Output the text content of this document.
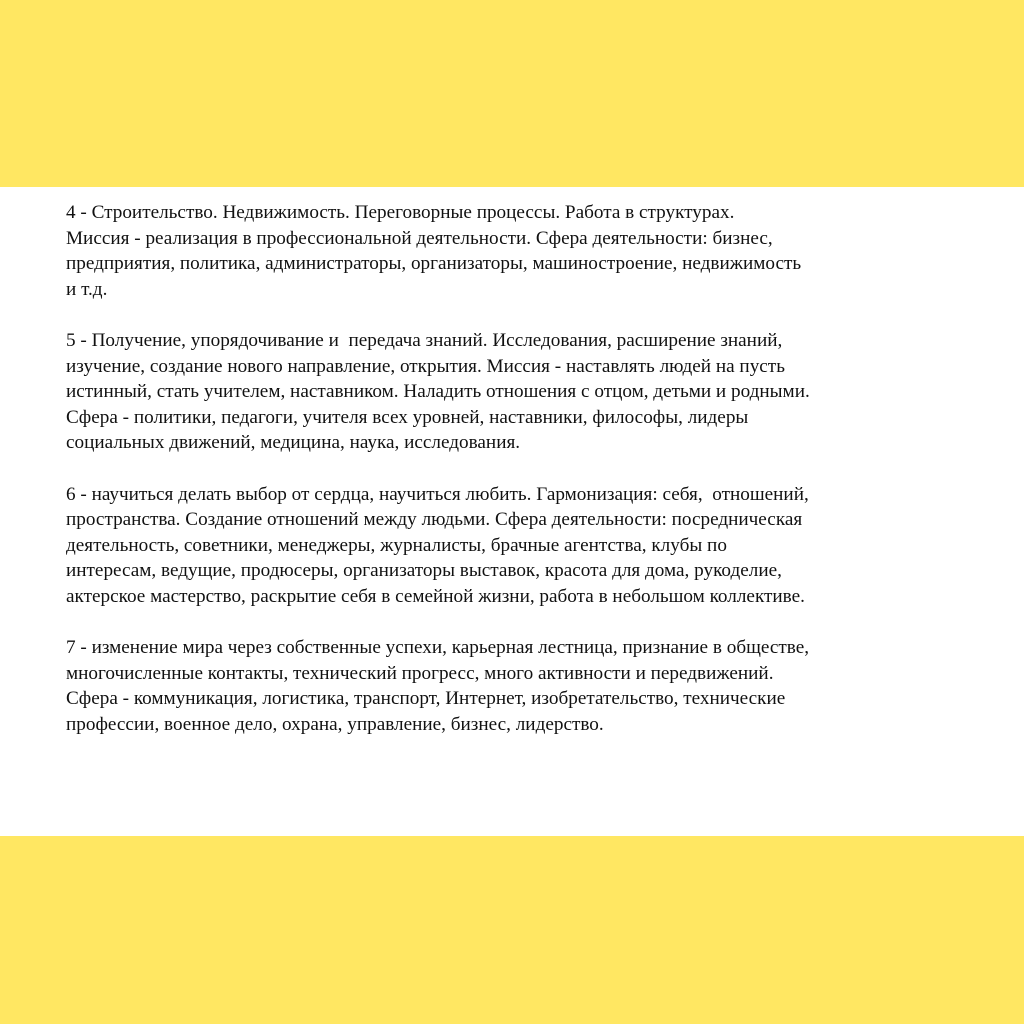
4 - Строительство. Недвижимость. Переговорные процессы. Работа в структурах.
Миссия - реализация в профессиональной деятельности. Сфера деятельности: бизнес,
предприятия, политика, администраторы, организаторы, машиностроение, недвижимость
и т.д.

5 - Получение, упорядочивание и  передача знаний. Исследования, расширение знаний,
изучение, создание нового направление, открытия. Миссия - наставлять людей на пусть
истинный, стать учителем, наставником. Наладить отношения с отцом, детьми и родными.
Сфера - политики, педагоги, учителя всех уровней, наставники, философы, лидеры
социальных движений, медицина, наука, исследования.

6 - научиться делать выбор от сердца, научиться любить. Гармонизация: себя,  отношений,
пространства. Создание отношений между людьми. Сфера деятельности: посредническая
деятельность, советники, менеджеры, журналисты, брачные агентства, клубы по
интересам, ведущие, продюсеры, организаторы выставок, красота для дома, рукоделие,
актерское мастерство, раскрытие себя в семейной жизни, работа в небольшом коллективе.

7 - изменение мира через собственные успехи, карьерная лестница, признание в обществе,
многочисленные контакты, технический прогресс, много активности и передвижений.
Сфера - коммуникация, логистика, транспорт, Интернет, изобретательство, технические
профессии, военное дело, охрана, управление, бизнес, лидерство.
